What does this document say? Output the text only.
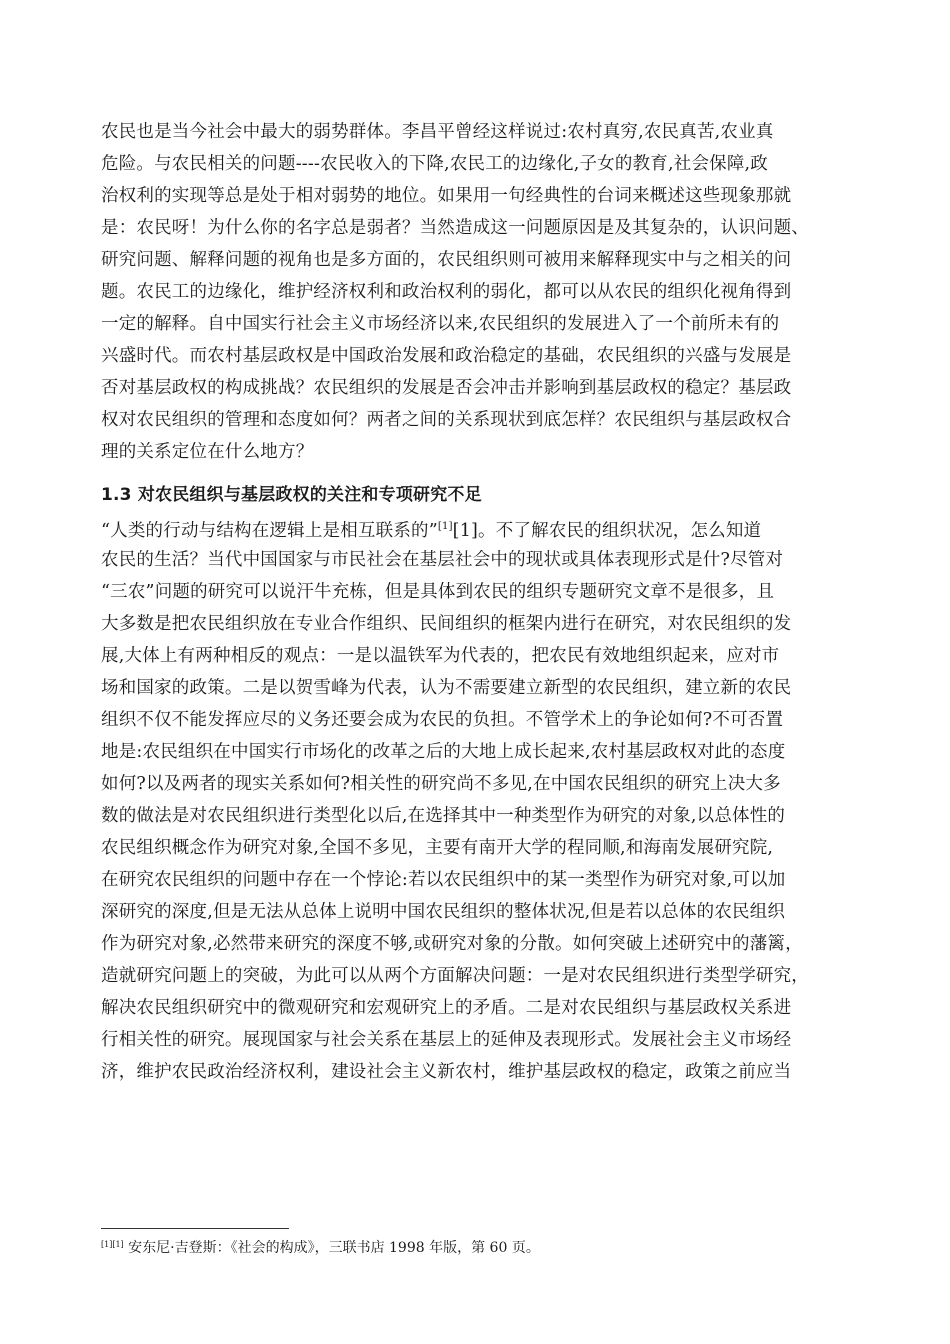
农民也是当今社会中最大的弱势群体。李昌平曾经这样说过:农村真穷,农民真苦,农业真
危险。与农民相关的问题----农民收入的下降,农民工的边缘化,子女的教育,社会保障,政
治权利的实现等总是处于相对弱势的地位。如果用一句经典性的台词来概述这些现象那就
是：农民呀！为什么你的名字总是弱者？当然造成这一问题原因是及其复杂的，认识问题、
研究问题、解释问题的视角也是多方面的，农民组织则可被用来解释现实中与之相关的问
题。农民工的边缘化，维护经济权利和政治权利的弱化，都可以从农民的组织化视角得到
一定的解释。自中国实行社会主义市场经济以来,农民组织的发展进入了一个前所未有的
兴盛时代。而农村基层政权是中国政治发展和政治稳定的基础，农民组织的兴盛与发展是
否对基层政权的构成挑战？农民组织的发展是否会冲击并影响到基层政权的稳定？基层政
权对农民组织的管理和态度如何？两者之间的关系现状到底怎样？农民组织与基层政权合
理的关系定位在什么地方？
1.3 对农民组织与基层政权的关注和专项研究不足
“人类的行动与结构在逻辑上是相互联系的”[1][1]。不了解农民的组织状况，怎么知道
农民的生活？当代中国国家与市民社会在基层社会中的现状或具体表现形式是什?尽管对
“三农”问题的研究可以说汗牛充栋，但是具体到农民的组织专题研究文章不是很多，且
大多数是把农民组织放在专业合作组织、民间组织的框架内进行在研究，对农民组织的发
展,大体上有两种相反的观点：一是以温铁军为代表的，把农民有效地组织起来，应对市
场和国家的政策。二是以贺雪峰为代表，认为不需要建立新型的农民组织，建立新的农民
组织不仅不能发挥应尽的义务还要会成为农民的负担。不管学术上的争论如何?不可否置
地是:农民组织在中国实行市场化的改革之后的大地上成长起来,农村基层政权对此的态度
如何?以及两者的现实关系如何?相关性的研究尚不多见,在中国农民组织的研究上决大多
数的做法是对农民组织进行类型化以后,在选择其中一种类型作为研究的对象,以总体性的
农民组织概念作为研究对象,全国不多见，主要有南开大学的程同顺,和海南发展研究院,
在研究农民组织的问题中存在一个悖论:若以农民组织中的某一类型作为研究对象,可以加
深研究的深度,但是无法从总体上说明中国农民组织的整体状况,但是若以总体的农民组织
作为研究对象,必然带来研究的深度不够,或研究对象的分散。如何突破上述研究中的藩篱，
造就研究问题上的突破，为此可以从两个方面解决问题：一是对农民组织进行类型学研究，
解决农民组织研究中的微观研究和宏观研究上的矛盾。二是对农民组织与基层政权关系进
行相关性的研究。展现国家与社会关系在基层上的延伸及表现形式。发展社会主义市场经
济，维护农民政治经济权利，建设社会主义新农村，维护基层政权的稳定，政策之前应当
[1][1] 安东尼·吉登斯：《社会的构成》，三联书店 1998 年版，第 60 页。
